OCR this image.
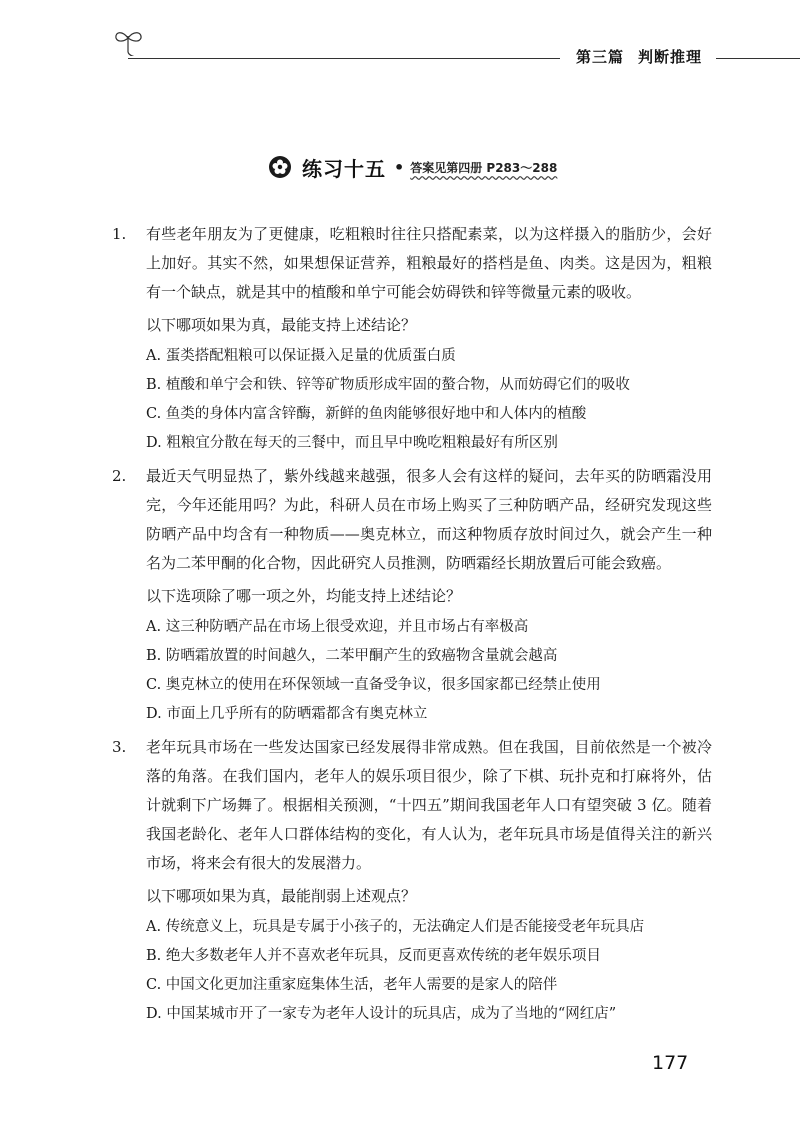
第三篇 判断推理
练习十五 • 答案见第四册 P283～288
1. 有些老年朋友为了更健康，吃粗粮时往往只搭配素菜，以为这样摄入的脂肪少，会好上加好。其实不然，如果想保证营养，粗粮最好的搭档是鱼、肉类。这是因为，粗粮有一个缺点，就是其中的植酸和单宁可能会妨碍铁和锌等微量元素的吸收。

以下哪项如果为真，最能支持上述结论？

A. 蛋类搭配粗粮可以保证摄入足量的优质蛋白质

B. 植酸和单宁会和铁、锌等矿物质形成牢固的螯合物，从而妨碍它们的吸收

C. 鱼类的身体内富含锌酶，新鲜的鱼肉能够很好地中和人体内的植酸

D. 粗粮宜分散在每天的三餐中，而且早中晚吃粗粮最好有所区别

2. 最近天气明显热了，紫外线越来越强，很多人会有这样的疑问，去年买的防晒霜没用完，今年还能用吗？为此，科研人员在市场上购买了三种防晒产品，经研究发现这些防晒产品中均含有一种物质——奥克林立，而这种物质存放时间过久，就会产生一种名为二苯甲酮的化合物，因此研究人员推测，防晒霜经长期放置后可能会致癌。

以下选项除了哪一项之外，均能支持上述结论？

A. 这三种防晒产品在市场上很受欢迎，并且市场占有率极高

B. 防晒霜放置的时间越久，二苯甲酮产生的致癌物含量就会越高

C. 奥克林立的使用在环保领域一直备受争议，很多国家都已经禁止使用

D. 市面上几乎所有的防晒霜都含有奥克林立

3. 老年玩具市场在一些发达国家已经发展得非常成熟。但在我国，目前依然是一个被冷落的角落。在我们国内，老年人的娱乐项目很少，除了下棋、玩扑克和打麻将外，估计就剩下广场舞了。根据相关预测，“十四五”期间我国老年人口有望突破 3 亿。随着我国老龄化、老年人口群体结构的变化，有人认为，老年玩具市场是值得关注的新兴市场，将来会有很大的发展潜力。

以下哪项如果为真，最能削弱上述观点？

A. 传统意义上，玩具是专属于小孩子的，无法确定人们是否能接受老年玩具店

B. 绝大多数老年人并不喜欢老年玩具，反而更喜欢传统的老年娱乐项目

C. 中国文化更加注重家庭集体生活，老年人需要的是家人的陪伴

D. 中国某城市开了一家专为老年人设计的玩具店，成为了当地的“网红店”

177
